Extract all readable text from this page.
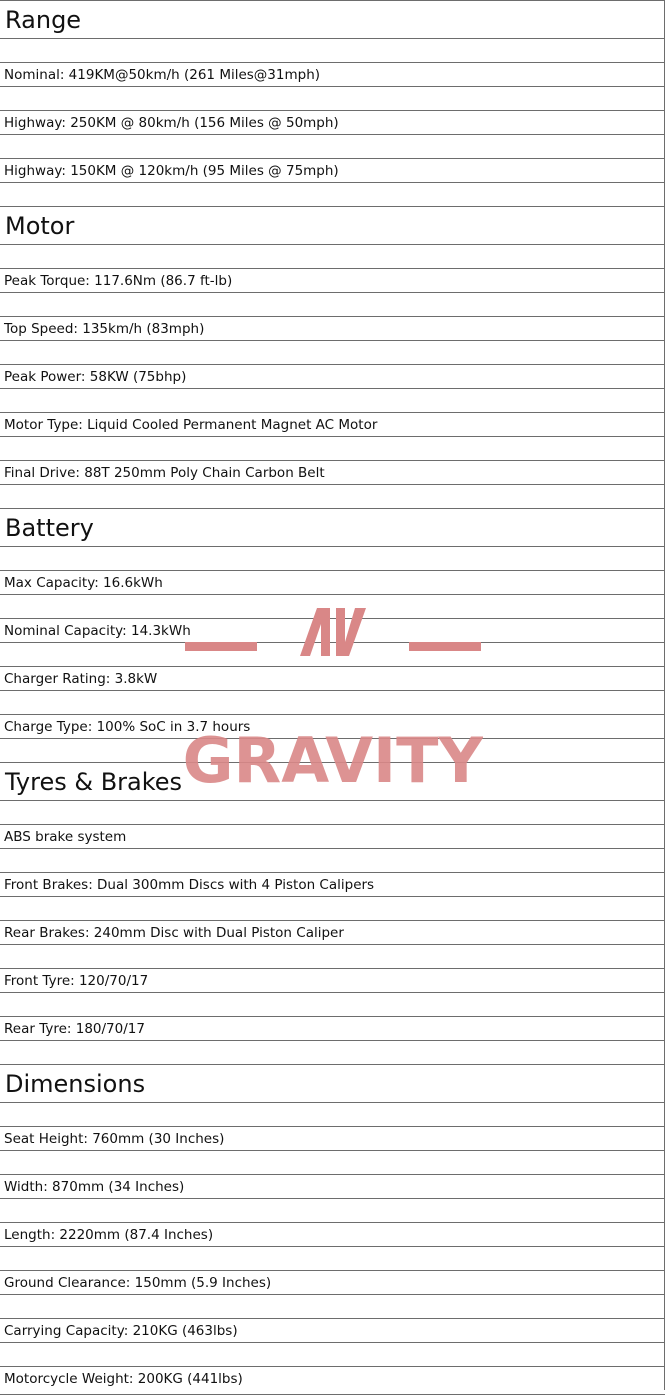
Range
Nominal: 419KM@50km/h (261 Miles@31mph)
Highway: 250KM @ 80km/h (156 Miles @ 50mph)
Highway: 150KM @ 120km/h (95 Miles @ 75mph)
Motor
Peak Torque: 117.6Nm (86.7 ft-lb)
Top Speed: 135km/h (83mph)
Peak Power: 58KW (75bhp)
Motor Type: Liquid Cooled Permanent Magnet AC Motor
Final Drive: 88T 250mm Poly Chain Carbon Belt
Battery
Max Capacity: 16.6kWh
Nominal Capacity: 14.3kWh
Charger Rating: 3.8kW
Charge Type: 100% SoC in 3.7 hours
Tyres & Brakes
ABS brake system
Front Brakes: Dual 300mm Discs with 4 Piston Calipers
Rear Brakes: 240mm Disc with Dual Piston Caliper
Front Tyre: 120/70/17
Rear Tyre: 180/70/17
Dimensions
Seat Height: 760mm (30 Inches)
Width: 870mm (34 Inches)
Length: 2220mm (87.4 Inches)
Ground Clearance: 150mm (5.9 Inches)
Carrying Capacity: 210KG (463lbs)
Motorcycle Weight: 200KG (441lbs)
GRAVITY
